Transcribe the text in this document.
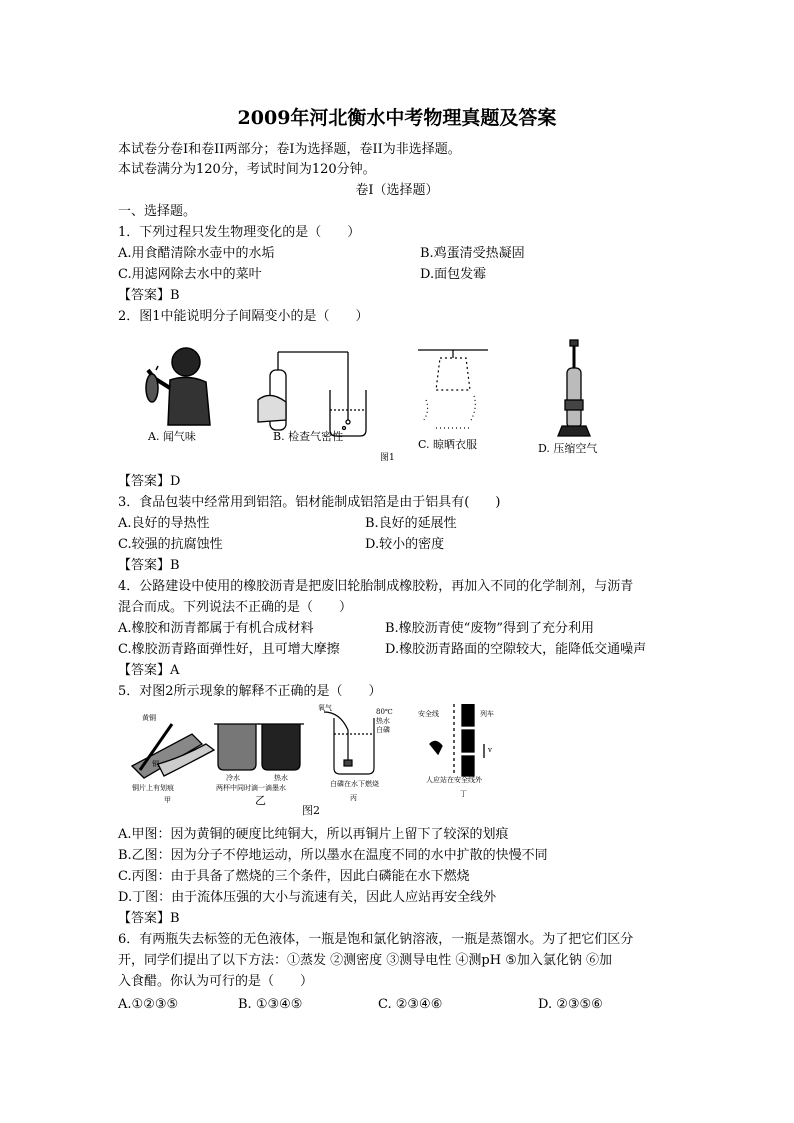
2009年河北衡水中考物理真题及答案
本试卷分卷I和卷II两部分；卷I为选择题，卷II为非选择题。
本试卷满分为120分，考试时间为120分钟。
卷I（选择题）
一、选择题。
1．下列过程只发生物理变化的是（　　）
A.用食醋清除水壶中的水垢	B.鸡蛋清受热凝固
C.用滤网除去水中的菜叶	D.面包发霉
【答案】B
2．图1中能说明分子间隔变小的是（　　）
A. 闻气味	B. 检查气密性
C. 晾晒衣服	D. 压缩空气
图1
【答案】D
3．食品包装中经常用到铝箔。铝材能制成铝箔是由于铝具有(　　)
A.良好的导热性	B.良好的延展性
C.较强的抗腐蚀性	D.较小的密度
【答案】B
4．公路建设中使用的橡胶沥青是把废旧轮胎制成橡胶粉，再加入不同的化学制剂，与沥青
混合而成。下列说法不正确的是（　　）
A.橡胶和沥青都属于有机合成材料	B.橡胶沥青使“废物”得到了充分利用
C.橡胶沥青路面弹性好，且可增大摩擦	D.橡胶沥青路面的空隙较大，能降低交通噪声
【答案】A
5．对图2所示现象的解释不正确的是（　　）
黄铜
铜
铜片上有划痕
甲
冷水	热水
两杯中同时滴一滴墨水
乙
氧气	80℃
热水
白磷
白磷在水下燃烧
丙
安全线	列车
v
人应站在安全线外
丁
图2
A.甲图：因为黄铜的硬度比纯铜大，所以再铜片上留下了较深的划痕
B.乙图：因为分子不停地运动，所以墨水在温度不同的水中扩散的快慢不同
C.丙图：由于具备了燃烧的三个条件，因此白磷能在水下燃烧
D.丁图：由于流体压强的大小与流速有关，因此人应站再安全线外
【答案】B
6．有两瓶失去标签的无色液体，一瓶是饱和氯化钠溶液，一瓶是蒸馏水。为了把它们区分
开，同学们提出了以下方法：①蒸发 ②测密度 ③测导电性 ④测pH ⑤加入氯化钠 ⑥加
入食醋。你认为可行的是（　　）
A.①②③⑤	B. ①③④⑤	C. ②③④⑥	D. ②③⑤⑥
